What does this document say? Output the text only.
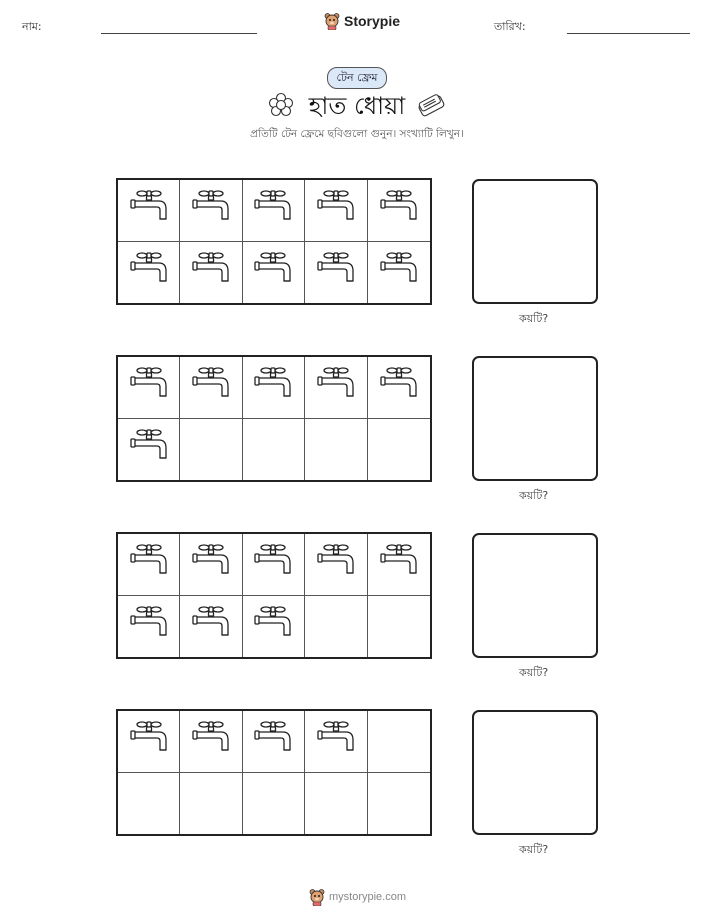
নাম:	Storypie	তারিখ:
টেন ফ্রেম
হাত ধোয়া
প্রতিটি টেন ফ্রেমে ছবিগুলো গুনুন। সংখ্যাটি লিখুন।
কয়টি?
কয়টি?
কয়টি?
কয়টি?
mystorypie.com
